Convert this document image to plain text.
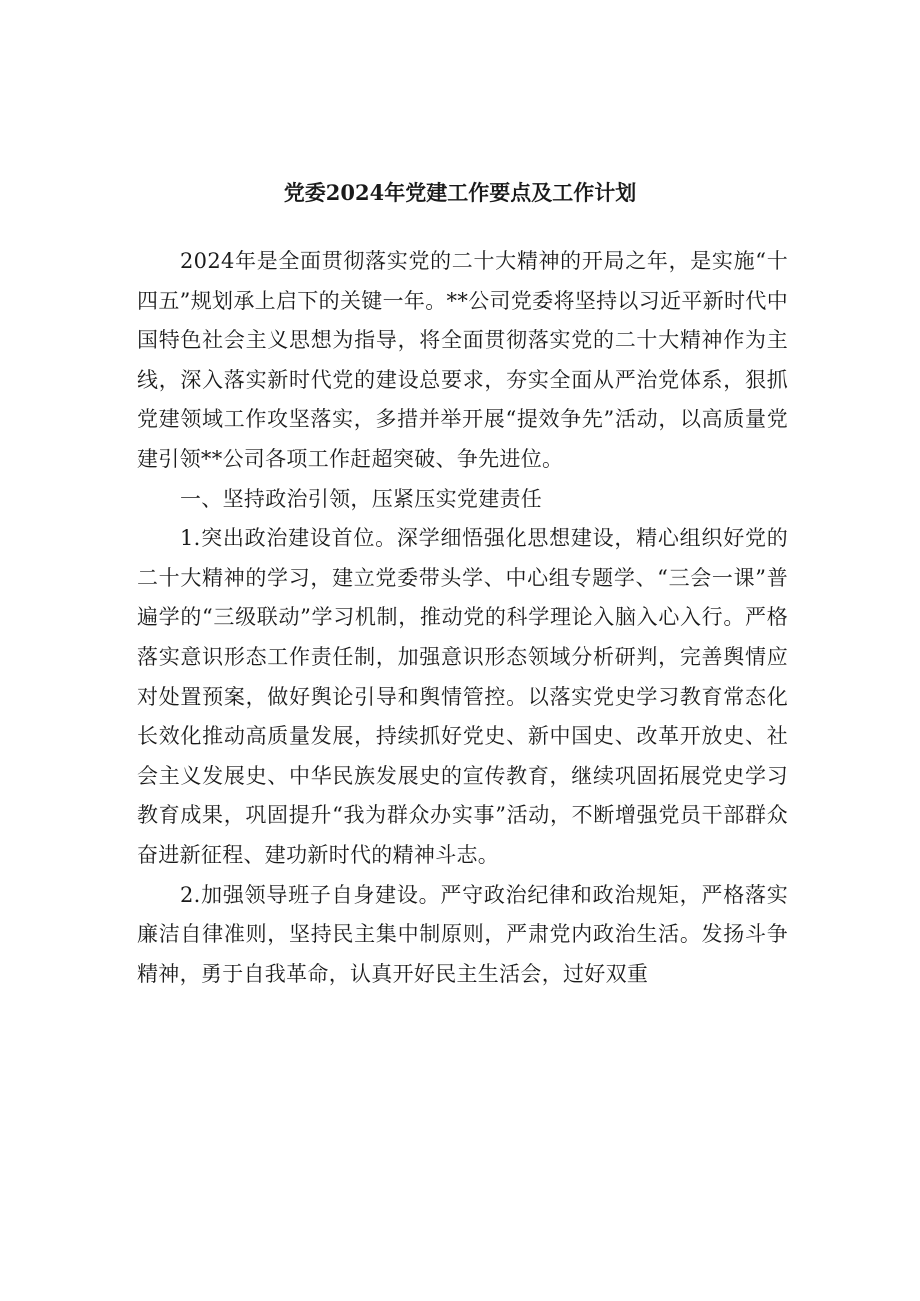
党委2024年党建工作要点及工作计划

2024年是全面贯彻落实党的二十大精神的开局之年，是实施“十四五”规划承上启下的关键一年。**公司党委将坚持以习近平新时代中国特色社会主义思想为指导，将全面贯彻落实党的二十大精神作为主线，深入落实新时代党的建设总要求，夯实全面从严治党体系，狠抓党建领域工作攻坚落实，多措并举开展“提效争先”活动，以高质量党建引领**公司各项工作赶超突破、争先进位。

一、坚持政治引领，压紧压实党建责任

1.突出政治建设首位。深学细悟强化思想建设，精心组织好党的二十大精神的学习，建立党委带头学、中心组专题学、“三会一课”普遍学的“三级联动”学习机制，推动党的科学理论入脑入心入行。严格落实意识形态工作责任制，加强意识形态领域分析研判，完善舆情应对处置预案，做好舆论引导和舆情管控。以落实党史学习教育常态化长效化推动高质量发展，持续抓好党史、新中国史、改革开放史、社会主义发展史、中华民族发展史的宣传教育，继续巩固拓展党史学习教育成果，巩固提升“我为群众办实事”活动，不断增强党员干部群众奋进新征程、建功新时代的精神斗志。

2.加强领导班子自身建设。严守政治纪律和政治规矩，严格落实廉洁自律准则，坚持民主集中制原则，严肃党内政治生活。发扬斗争精神，勇于自我革命，认真开好民主生活会，过好双重
